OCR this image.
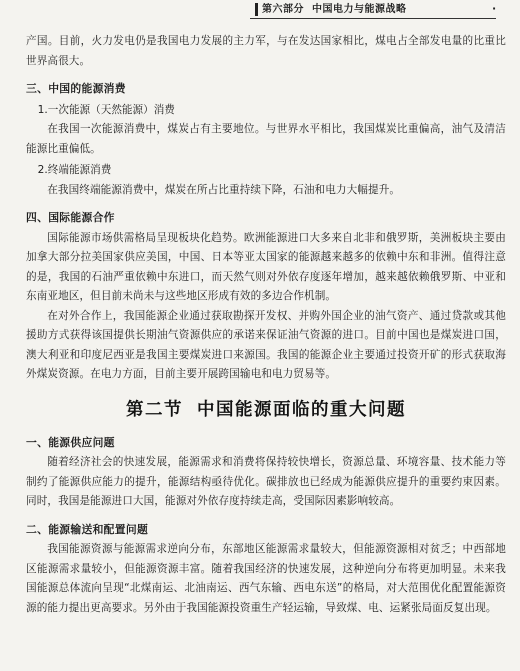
第六部分 中国电力与能源战略	·

产国。目前，火力发电仍是我国电力发展的主力军，与在发达国家相比，煤电占全部发电量的比重比世界高很大。

三、中国的能源消费
1.一次能源（天然能源）消费

在我国一次能源消费中，煤炭占有主要地位。与世界水平相比，我国煤炭比重偏高，油气及清洁能源比重偏低。

2.终端能源消费

在我国终端能源消费中，煤炭在所占比重持续下降，石油和电力大幅提升。

四、国际能源合作

国际能源市场供需格局呈现板块化趋势。欧洲能源进口大多来自北非和俄罗斯，美洲板块主要由加拿大部分拉美国家供应美国，中国、日本等亚太国家的能源越来越多的依赖中东和非洲。值得注意的是，我国的石油严重依赖中东进口，而天然气则对外依存度逐年增加，越来越依赖俄罗斯、中亚和东南亚地区，但目前未尚未与这些地区形成有效的多边合作机制。

在对外合作上，我国能源企业通过获取勘探开发权、并购外国企业的油气资产、通过贷款或其他援助方式获得该国提供长期油气资源供应的承诺来保证油气资源的进口。目前中国也是煤炭进口国，澳大利亚和印度尼西亚是我国主要煤炭进口来源国。我国的能源企业主要通过投资开矿的形式获取海外煤炭资源。在电力方面，目前主要开展跨国输电和电力贸易等。

第二节 中国能源面临的重大问题
一、能源供应问题

随着经济社会的快速发展，能源需求和消费将保持较快增长，资源总量、环境容量、技术能力等制约了能源供应能力的提升，能源结构亟待优化。碳排放也已经成为能源供应提升的重要约束因素。同时，我国是能源进口大国，能源对外依存度持续走高，受国际因素影响较高。

二、能源输送和配置问题

我国能源资源与能源需求逆向分布，东部地区能源需求量较大，但能源资源相对贫乏；中西部地区能源需求量较小，但能源资源丰富。随着我国经济的快速发展，这种逆向分布将更加明显。未来我国能源总体流向呈现“北煤南运、北油南运、西气东输、西电东送”的格局，对大范围优化配置能源资源的能力提出更高要求。另外由于我国能源投资重生产轻运输，导致煤、电、运紧张局面反复出现。
